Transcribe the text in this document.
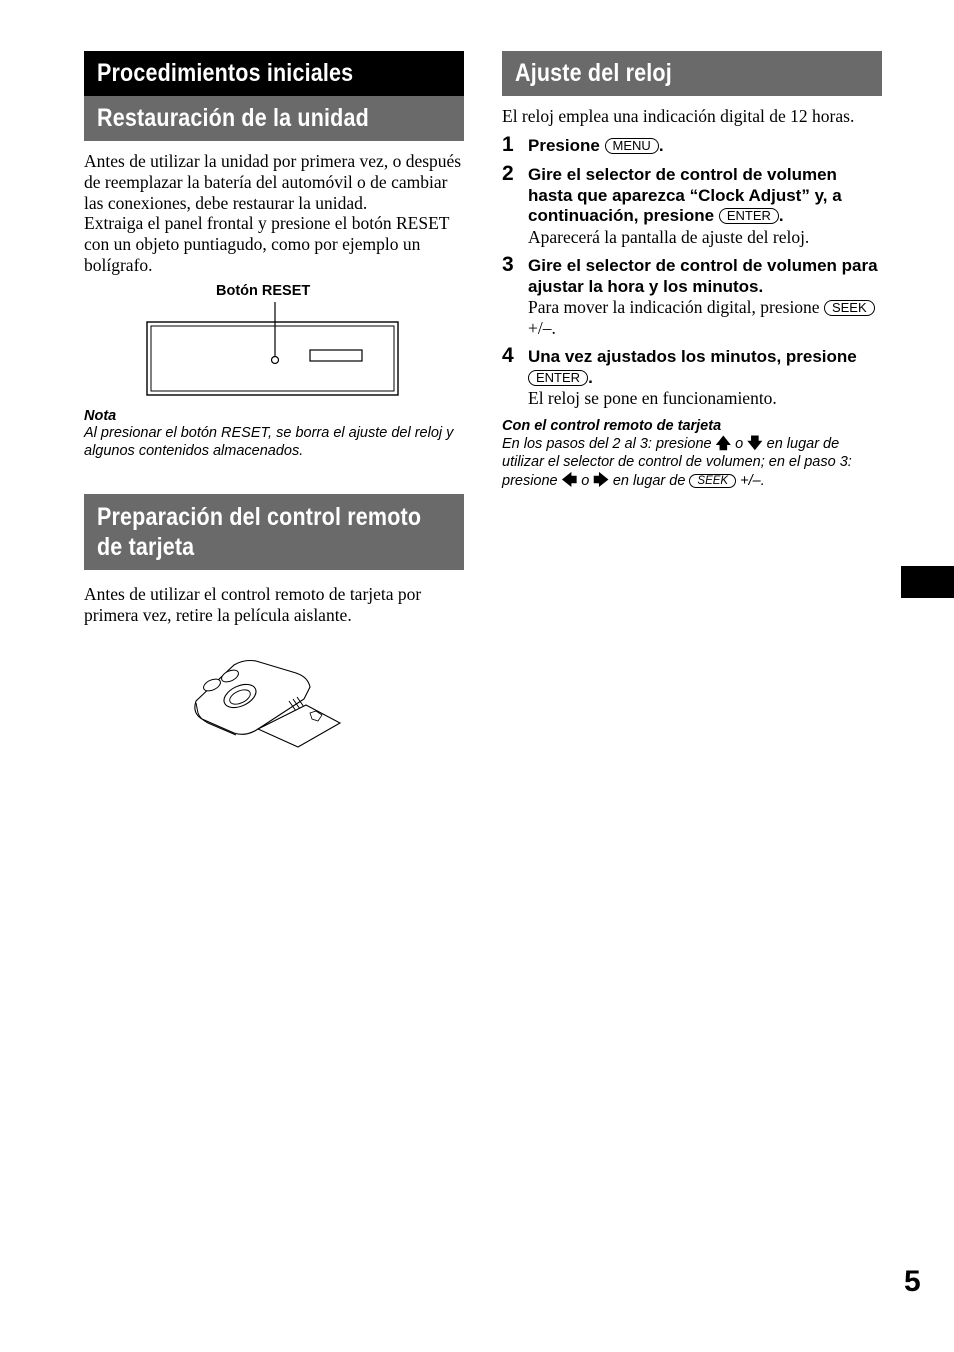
Procedimientos iniciales
Restauración de la unidad

Antes de utilizar la unidad por primera vez, o después de reemplazar la batería del automóvil o de cambiar las conexiones, debe restaurar la unidad.

Extraiga el panel frontal y presione el botón RESET con un objeto puntiagudo, como por ejemplo un bolígrafo.

Botón RESET

Nota

Al presionar el botón RESET, se borra el ajuste del reloj y algunos contenidos almacenados.

Preparación del control remoto
de tarjeta

Antes de utilizar el control remoto de tarjeta por primera vez, retire la película aislante.

Ajuste del reloj

El reloj emplea una indicación digital de 12 horas.

1 Presione MENU .

2 Gire el selector de control de volumen hasta que aparezca “Clock Adjust” y, a continuación, presione ENTER .

Aparecerá la pantalla de ajuste del reloj.

3 Gire el selector de control de volumen para ajustar la hora y los minutos.

Para mover la indicación digital, presione SEEK +/–.

4 Una vez ajustados los minutos, presione ENTER .

El reloj se pone en funcionamiento.

Con el control remoto de tarjeta

En los pasos del 2 al 3: presione 🡅 o 🡇 en lugar de utilizar el selector de control de volumen; en el paso 3: presione 🡄 o 🡆 en lugar de SEEK +/–.

5
